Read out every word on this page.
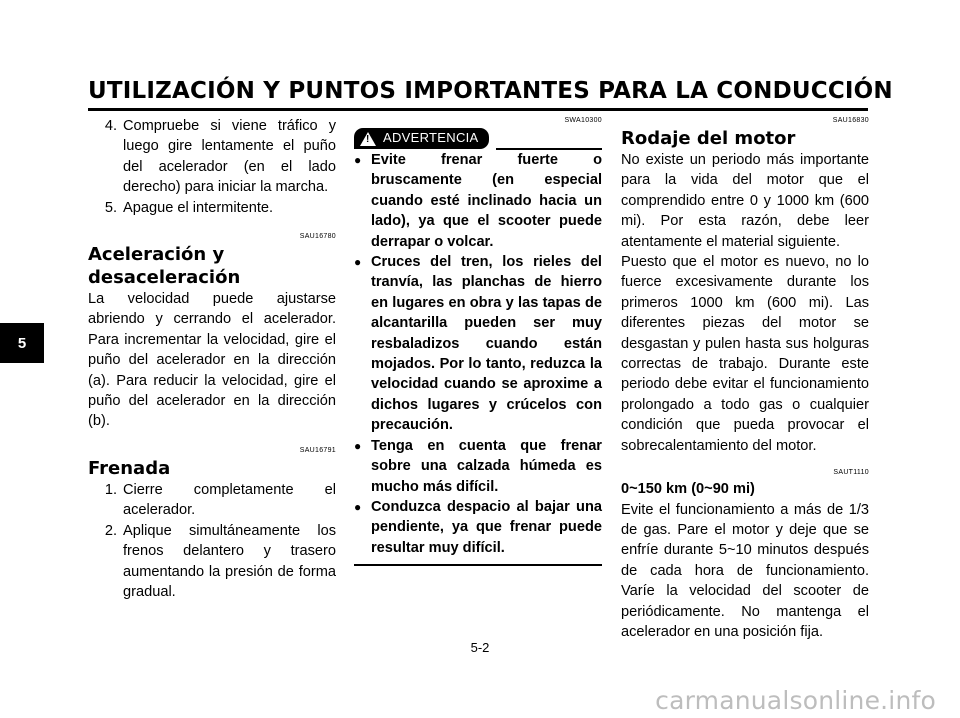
UTILIZACIÓN Y PUNTOS IMPORTANTES PARA LA CONDUCCIÓN
5
4. Compruebe si viene tráfico y luego gire lentamente el puño del acelerador (en el lado derecho) para iniciar la marcha.
5. Apague el intermitente.
SAU16780
Aceleración y desaceleración

La velocidad puede ajustarse abriendo y cerrando el acelerador. Para incrementar la velocidad, gire el puño del acelerador en la dirección (a). Para reducir la velocidad, gire el puño del acelerador en la dirección (b).

SAU16791
Frenada
1. Cierre completamente el acelerador.
2. Aplique simultáneamente los frenos delantero y trasero aumentando la presión de forma gradual.
SWA10300
! ADVERTENCIA
● Evite frenar fuerte o bruscamente (en especial cuando esté inclinado hacia un lado), ya que el scooter puede derrapar o volcar.
● Cruces del tren, los rieles del tranvía, las planchas de hierro en lugares en obra y las tapas de alcantarilla pueden ser muy resbaladizos cuando están mojados. Por lo tanto, reduzca la velocidad cuando se aproxime a dichos lugares y crúcelos con precaución.
● Tenga en cuenta que frenar sobre una calzada húmeda es mucho más difícil.
● Conduzca despacio al bajar una pendiente, ya que frenar puede resultar muy difícil.
SAU16830
Rodaje del motor

No existe un periodo más importante para la vida del motor que el comprendido entre 0 y 1000 km (600 mi). Por esta razón, debe leer atentamente el material siguiente.

Puesto que el motor es nuevo, no lo fuerce excesivamente durante los primeros 1000 km (600 mi). Las diferentes piezas del motor se desgastan y pulen hasta sus holguras correctas de trabajo. Durante este periodo debe evitar el funcionamiento prolongado a todo gas o cualquier condición que pueda provocar el sobrecalentamiento del motor.

SAUT1110
0~150 km (0~90 mi)

Evite el funcionamiento a más de 1/3 de gas. Pare el motor y deje que se enfríe durante 5~10 minutos después de cada hora de funcionamiento. Varíe la velocidad del scooter de periódicamente. No mantenga el acelerador en una posición fija.

5-2
carmanualsonline.info
